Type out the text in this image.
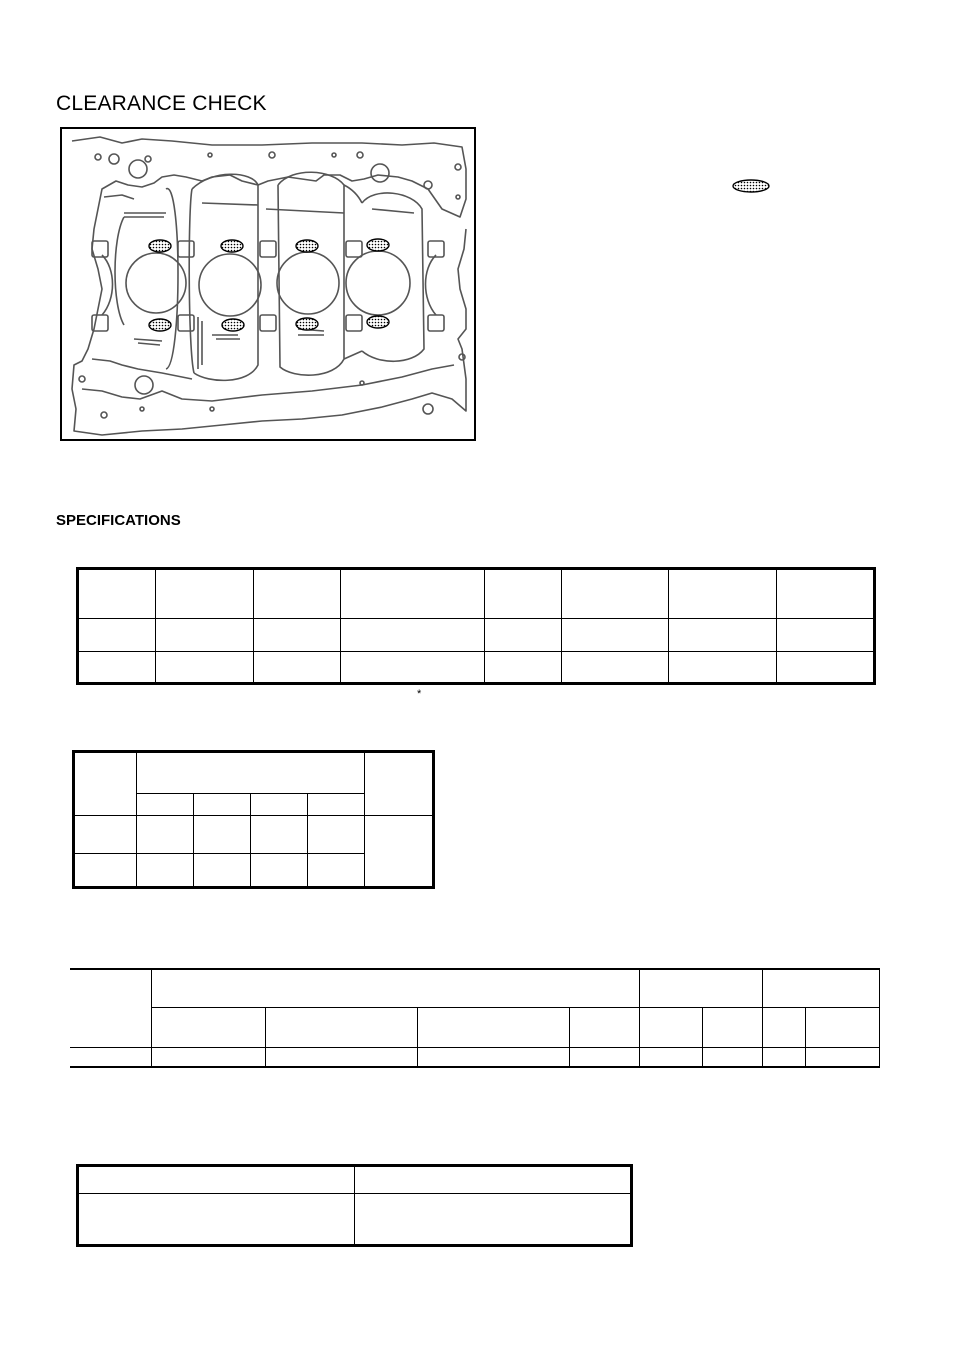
CLEARANCE CHECK
SPECIFICATIONS

*
